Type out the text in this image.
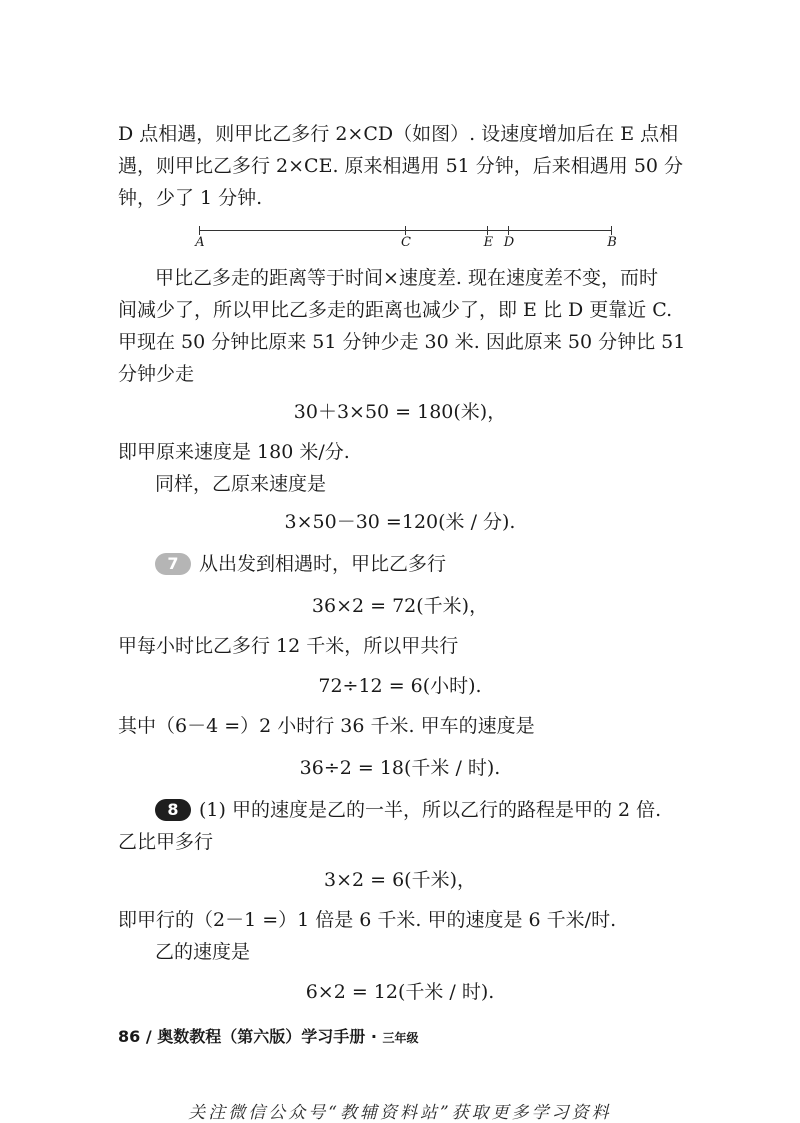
D 点相遇，则甲比乙多行 2×CD（如图）. 设速度增加后在 E 点相
遇，则甲比乙多行 2×CE. 原来相遇用 51 分钟，后来相遇用 50 分
钟，少了 1 分钟.
A	C	E D	B
甲比乙多走的距离等于时间×速度差. 现在速度差不变，而时
间减少了，所以甲比乙多走的距离也减少了，即 E 比 D 更靠近 C.
甲现在 50 分钟比原来 51 分钟少走 30 米. 因此原来 50 分钟比 51
分钟少走
30＋3×50 = 180(米)，
即甲原来速度是 180 米/分.
同样，乙原来速度是
3×50－30 =120(米 / 分).
7 从出发到相遇时，甲比乙多行
36×2 = 72(千米)，
甲每小时比乙多行 12 千米，所以甲共行
72÷12 = 6(小时).
其中（6－4 =）2 小时行 36 千米. 甲车的速度是
36÷2 = 18(千米 / 时).
8 (1) 甲的速度是乙的一半，所以乙行的路程是甲的 2 倍.
乙比甲多行
3×2 = 6(千米)，
即甲行的（2－1 =）1 倍是 6 千米. 甲的速度是 6 千米/时.
乙的速度是
6×2 = 12(千米 / 时).
86 / 奥数教程（第六版）学习手册 · 三年级
关注微信公众号“教辅资料站”获取更多学习资料
